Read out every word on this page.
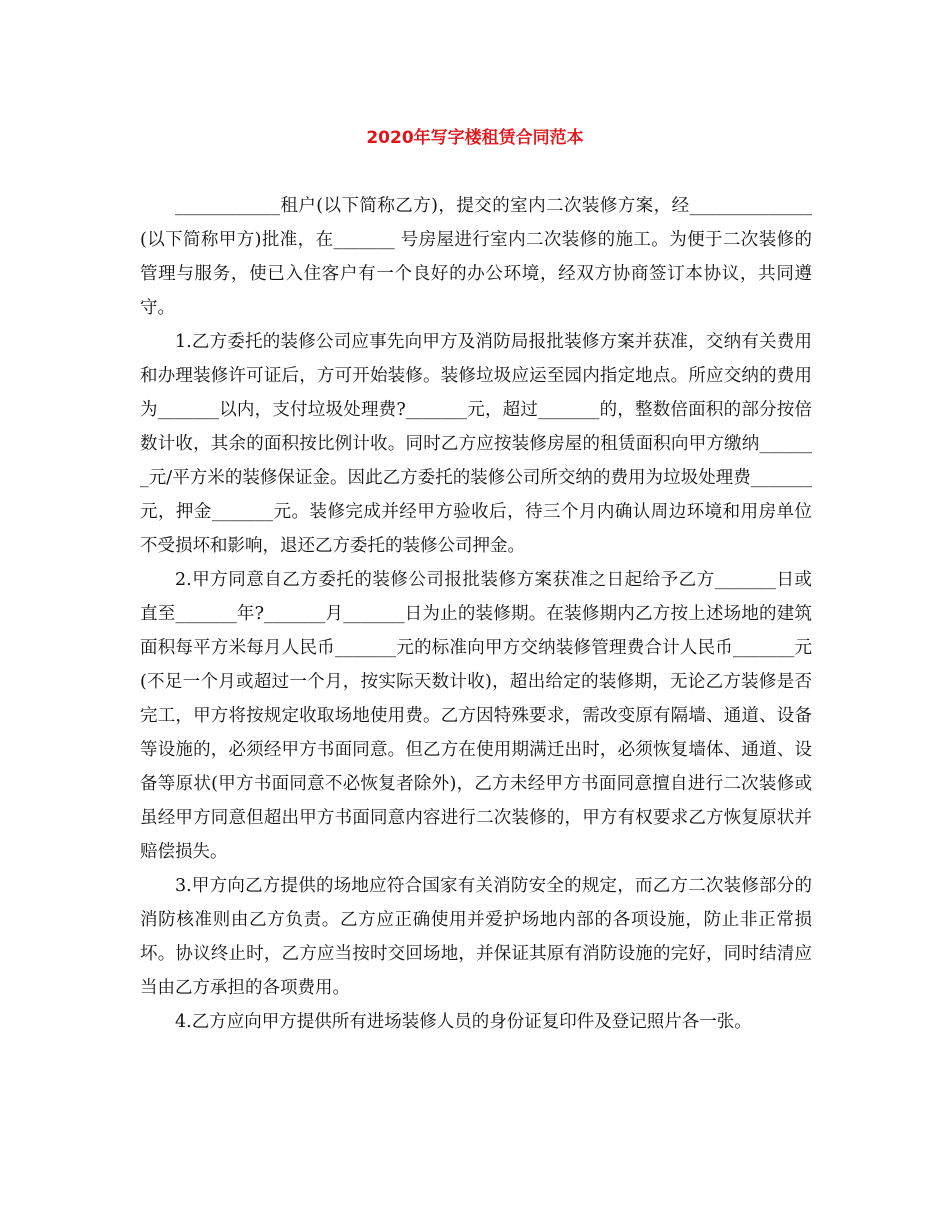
2020年写字楼租赁合同范本

____________租户(以下简称乙方)，提交的室内二次装修方案，经______________(以下简称甲方)批准，在_______ 号房屋进行室内二次装修的施工。为便于二次装修的管理与服务，使已入住客户有一个良好的办公环境，经双方协商签订本协议，共同遵守。

1.乙方委托的装修公司应事先向甲方及消防局报批装修方案并获准，交纳有关费用和办理装修许可证后，方可开始装修。装修垃圾应运至园内指定地点。所应交纳的费用为_______以内，支付垃圾处理费?_______元，超过_______的，整数倍面积的部分按倍数计收，其余的面积按比例计收。同时乙方应按装修房屋的租赁面积向甲方缴纳_______元/平方米的装修保证金。因此乙方委托的装修公司所交纳的费用为垃圾处理费_______ 元，押金_______元。装修完成并经甲方验收后，待三个月内确认周边环境和用房单位不受损坏和影响，退还乙方委托的装修公司押金。

2.甲方同意自乙方委托的装修公司报批装修方案获准之日起给予乙方_______日或直至_______年?_______月_______日为止的装修期。在装修期内乙方按上述场地的建筑面积每平方米每月人民币_______元的标准向甲方交纳装修管理费合计人民币_______元(不足一个月或超过一个月，按实际天数计收)，超出给定的装修期，无论乙方装修是否完工，甲方将按规定收取场地使用费。乙方因特殊要求，需改变原有隔墙、通道、设备等设施的，必须经甲方书面同意。但乙方在使用期满迁出时，必须恢复墙体、通道、设备等原状(甲方书面同意不必恢复者除外)，乙方未经甲方书面同意擅自进行二次装修或虽经甲方同意但超出甲方书面同意内容进行二次装修的，甲方有权要求乙方恢复原状并赔偿损失。

3.甲方向乙方提供的场地应符合国家有关消防安全的规定，而乙方二次装修部分的消防核准则由乙方负责。乙方应正确使用并爱护场地内部的各项设施，防止非正常损坏。协议终止时，乙方应当按时交回场地，并保证其原有消防设施的完好，同时结清应当由乙方承担的各项费用。

4.乙方应向甲方提供所有进场装修人员的身份证复印件及登记照片各一张。
